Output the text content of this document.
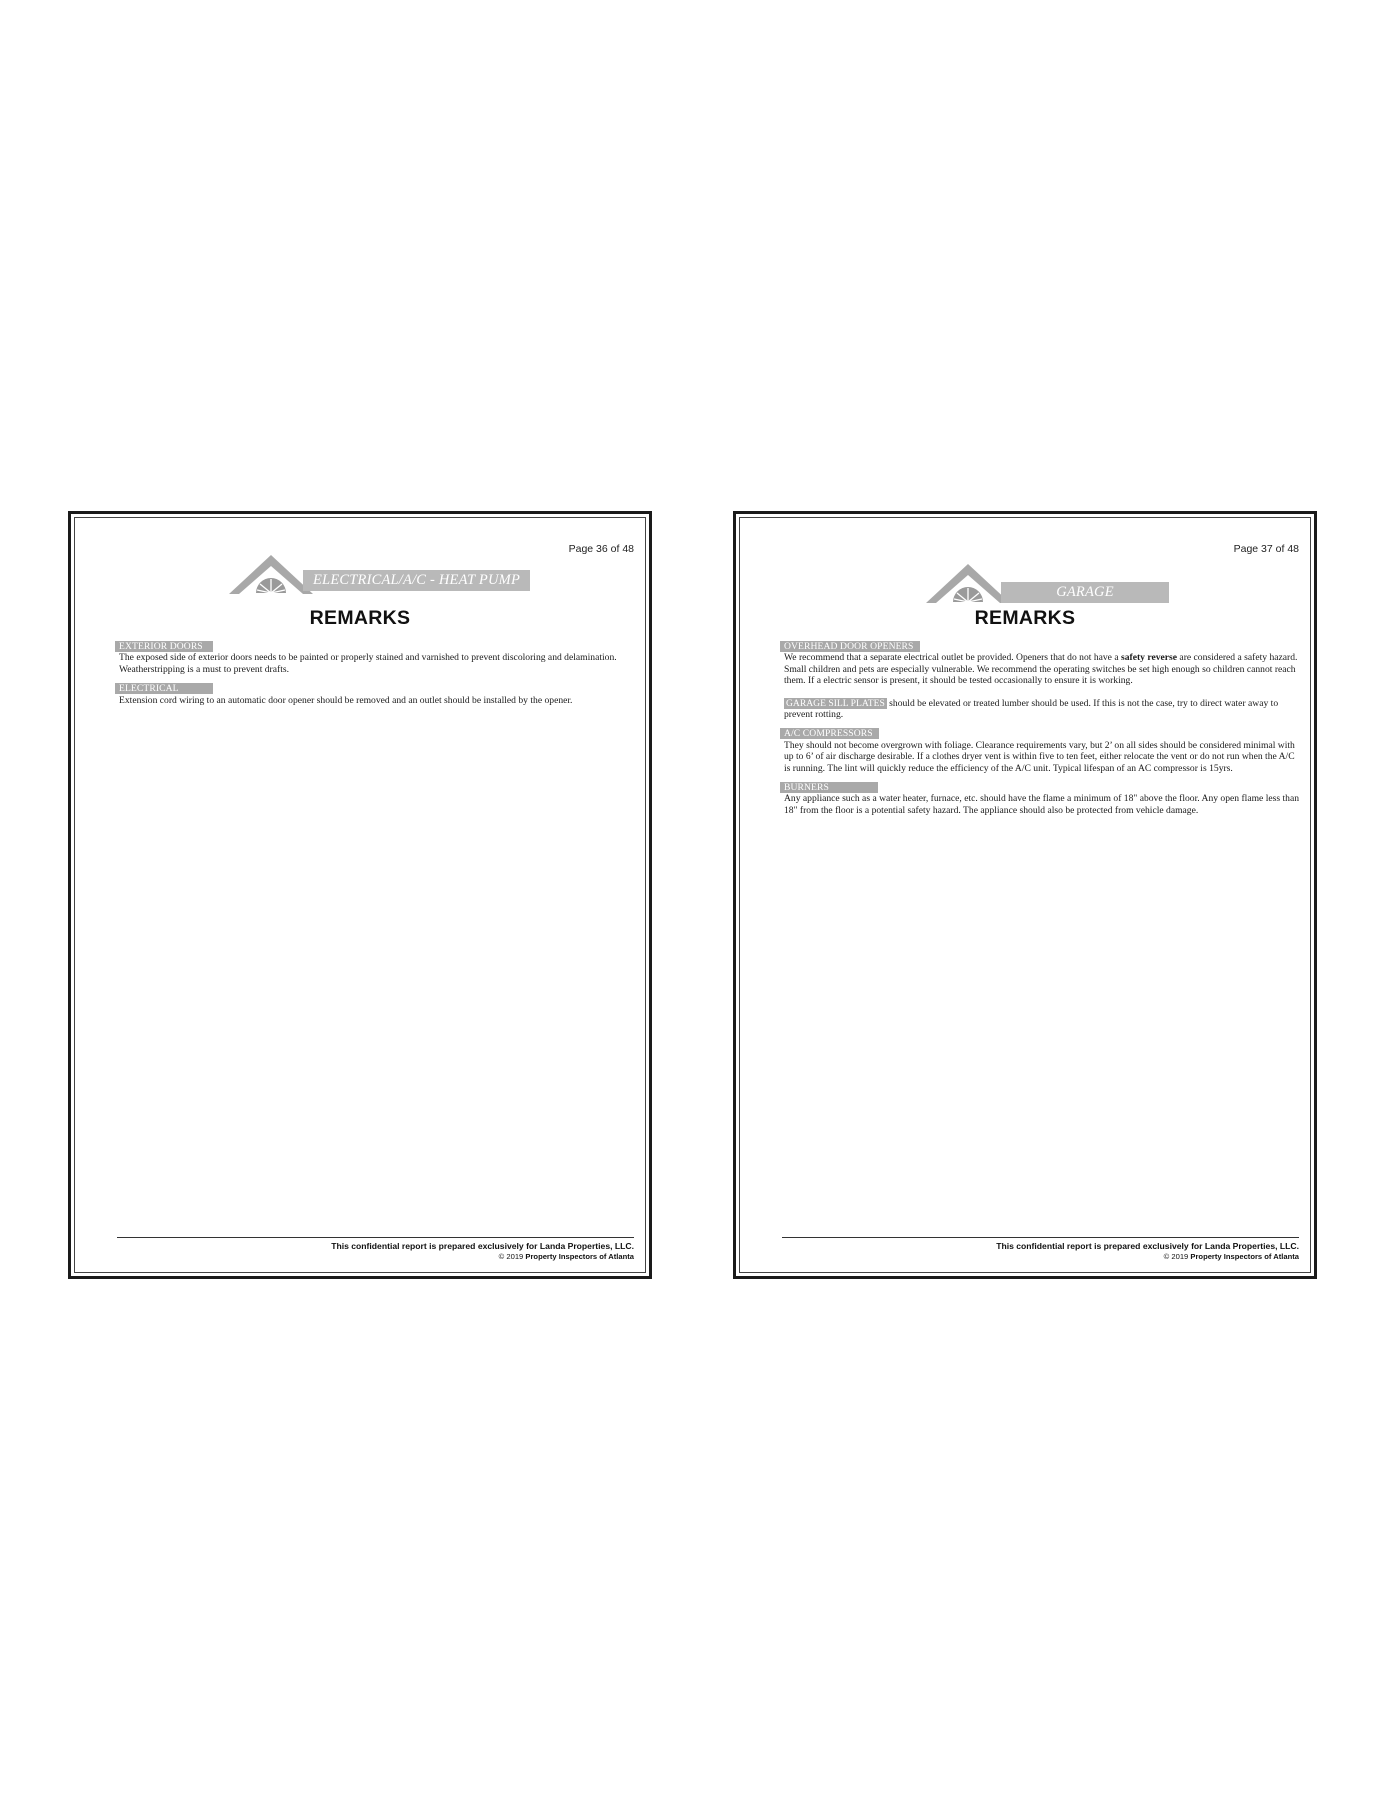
Page 36 of 48
ELECTRICAL/A/C - HEAT PUMP
REMARKS
EXTERIOR DOORS
The exposed side of exterior doors needs to be painted or properly stained and varnished to prevent discoloring and delamination. Weatherstripping is a must to prevent drafts.
ELECTRICAL
Extension cord wiring to an automatic door opener should be removed and an outlet should be installed by the opener.
This confidential report is prepared exclusively for Landa Properties, LLC.
© 2019 Property Inspectors of Atlanta
Page 37 of 48
GARAGE
REMARKS
OVERHEAD DOOR OPENERS
We recommend that a separate electrical outlet be provided. Openers that do not have a safety reverse are considered a safety hazard. Small children and pets are especially vulnerable. We recommend the operating switches be set high enough so children cannot reach them. If a electric sensor is present, it should be tested occasionally to ensure it is working.
GARAGE SILL PLATES should be elevated or treated lumber should be used. If this is not the case, try to direct water away to prevent rotting.
A/C COMPRESSORS
They should not become overgrown with foliage. Clearance requirements vary, but 2’ on all sides should be considered minimal with up to 6’ of air discharge desirable. If a clothes dryer vent is within five to ten feet, either relocate the vent or do not run when the A/C is running. The lint will quickly reduce the efficiency of the A/C unit. Typical lifespan of an AC compressor is 15yrs.
BURNERS
Any appliance such as a water heater, furnace, etc. should have the flame a minimum of 18" above the floor. Any open flame less than 18" from the floor is a potential safety hazard. The appliance should also be protected from vehicle damage.
This confidential report is prepared exclusively for Landa Properties, LLC.
© 2019 Property Inspectors of Atlanta
